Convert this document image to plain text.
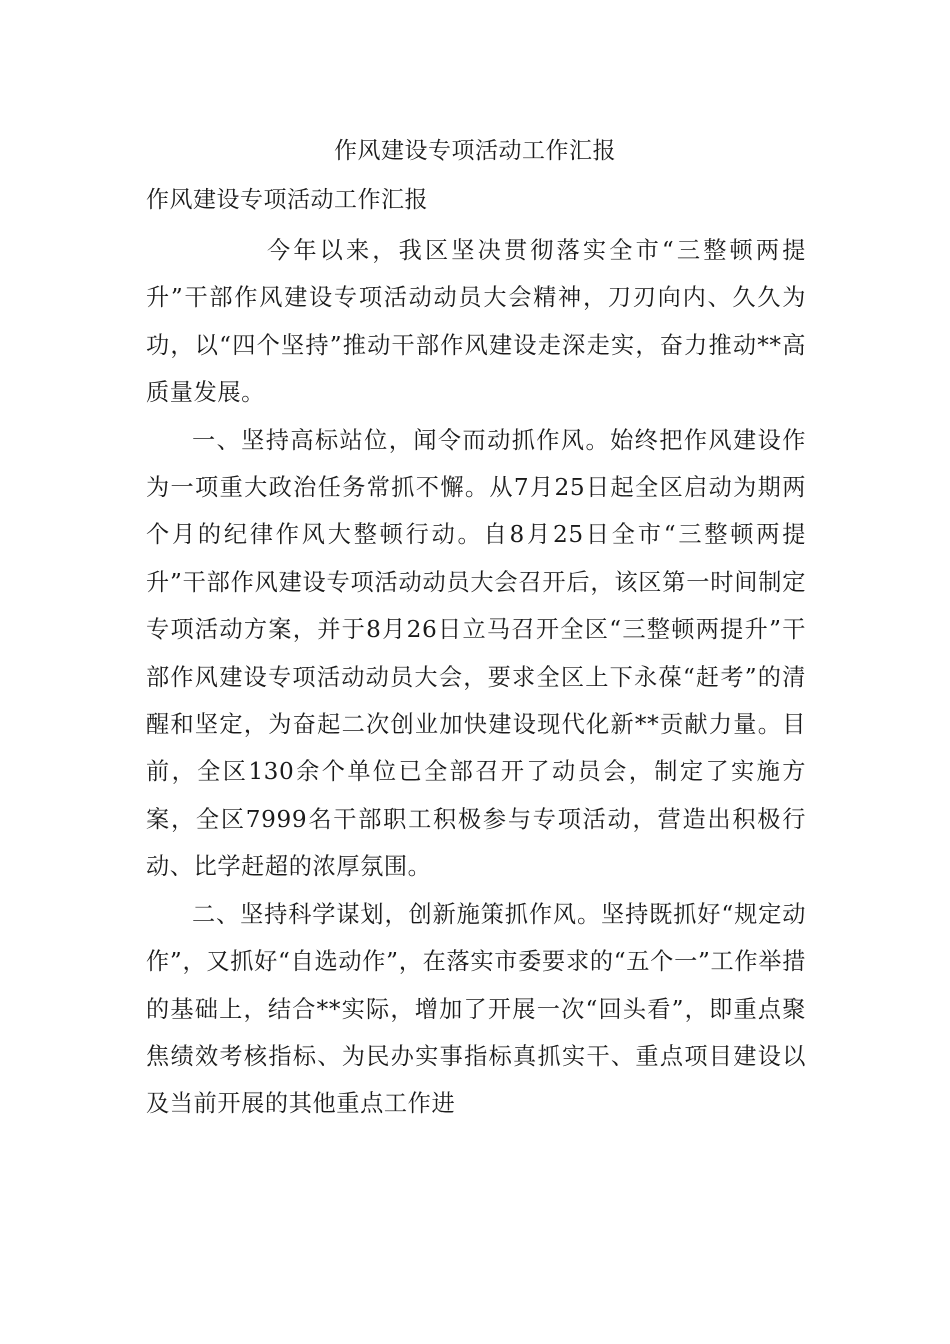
作风建设专项活动工作汇报
作风建设专项活动工作汇报

今年以来，我区坚决贯彻落实全市“三整顿两提升”干部作风建设专项活动动员大会精神，刀刃向内、久久为功，以“四个坚持”推动干部作风建设走深走实，奋力推动**高质量发展。

一、坚持高标站位，闻令而动抓作风。始终把作风建设作为一项重大政治任务常抓不懈。从7月25日起全区启动为期两个月的纪律作风大整顿行动。自8月25日全市“三整顿两提升”干部作风建设专项活动动员大会召开后，该区第一时间制定专项活动方案，并于8月26日立马召开全区“三整顿两提升”干部作风建设专项活动动员大会，要求全区上下永葆“赶考”的清醒和坚定，为奋起二次创业加快建设现代化新**贡献力量。目前，全区130余个单位已全部召开了动员会，制定了实施方案，全区7999名干部职工积极参与专项活动，营造出积极行动、比学赶超的浓厚氛围。

二、坚持科学谋划，创新施策抓作风。坚持既抓好“规定动作”，又抓好“自选动作”，在落实市委要求的“五个一”工作举措的基础上，结合**实际，增加了开展一次“回头看”，即重点聚焦绩效考核指标、为民办实事指标真抓实干、重点项目建设以及当前开展的其他重点工作进
